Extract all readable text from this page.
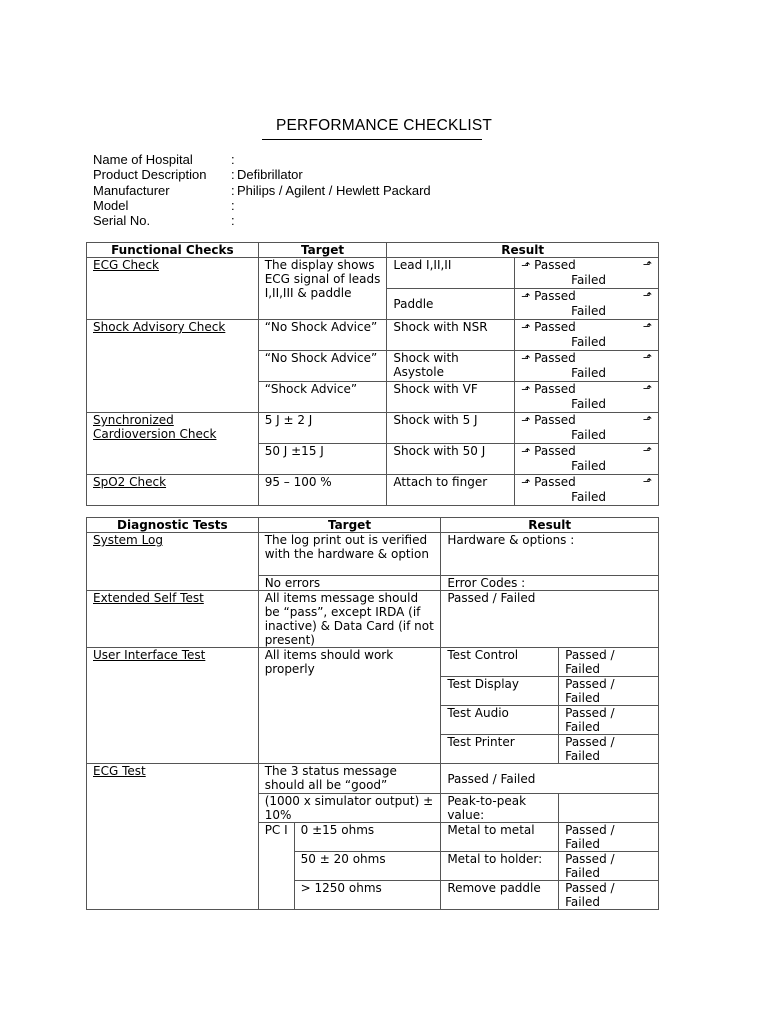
PERFORMANCE CHECKLIST
Name of Hospital	:
Product Description : Defibrillator
Manufacturer	: Philips / Agilent / Hewlett Packard
Model	:
Serial No.	:
Functional Checks	Target	Result	
ECG Check	The display shows ECG signal of leads I,II,III & paddle	Lead I,II,II	⬏ Passed ⬏
Failed

		Paddle	⬏ Passed ⬏
Failed

Shock Advisory Check	“No Shock Advice”	Shock with NSR	⬏ Passed ⬏
Failed

	“No Shock Advice”	Shock with Asystole	⬏ Passed ⬏
Failed

	“Shock Advice”	Shock with VF	⬏ Passed ⬏
Failed

Synchronized Cardioversion Check	5 J ± 2 J	Shock with 5 J	⬏ Passed ⬏
Failed

	50 J ±15 J	Shock with 50 J	⬏ Passed ⬏
Failed

SpO2 Check	95 – 100 %	Attach to finger	⬏ Passed ⬏
Failed
Diagnostic Tests	Target		Result	
System Log	The log print out is verified with the hardware & option		Hardware & options :	
	No errors		Error Codes :	
Extended Self Test	All items message should be “pass”, except IRDA (if inactive) & Data Card (if not present)		Passed / Failed	
User Interface Test	All items should work properly		Test Control	Passed / Failed
			Test Display	Passed / Failed
			Test Audio	Passed / Failed
			Test Printer	Passed / Failed
ECG Test	The 3 status message should all be “good”		Passed / Failed	
	(1000 x simulator output) ± 10%		Peak-to-peak value:	
	PC I	0 ±15 ohms	Metal to metal	Passed / Failed
		50 ± 20 ohms	Metal to holder:	Passed / Failed
		> 1250 ohms	Remove paddle	Passed / Failed
